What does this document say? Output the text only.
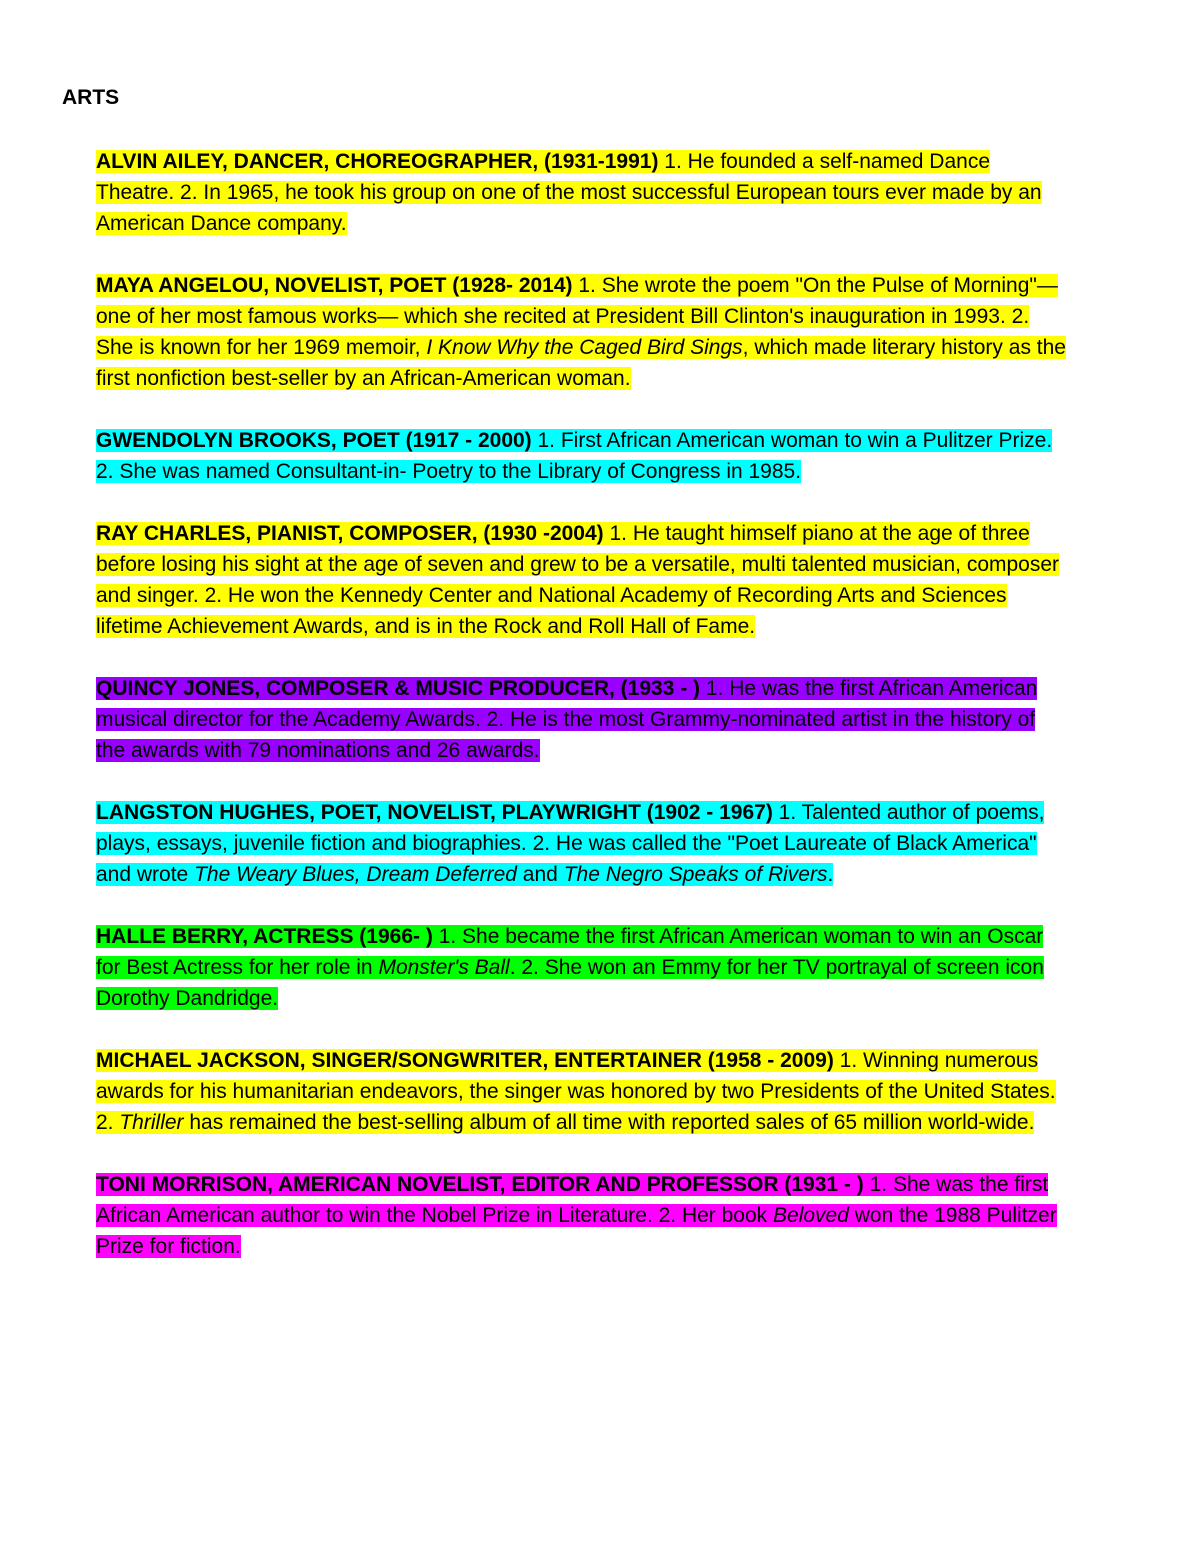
ARTS

ALVIN AILEY, DANCER, CHOREOGRAPHER, (1931-1991) 1. He founded a self-named Dance Theatre. 2. In 1965, he took his group on one of the most successful European tours ever made by an American Dance company.

MAYA ANGELOU, NOVELIST, POET (1928- 2014) 1. She wrote the poem "On the Pulse of Morning"—one of her most famous works— which she recited at President Bill Clinton's inauguration in 1993. 2. She is known for her 1969 memoir, I Know Why the Caged Bird Sings, which made literary history as the first nonfiction best-seller by an African-American woman.

GWENDOLYN BROOKS, POET (1917 - 2000) 1. First African American woman to win a Pulitzer Prize. 2. She was named Consultant-in- Poetry to the Library of Congress in 1985.

RAY CHARLES, PIANIST, COMPOSER, (1930 -2004) 1. He taught himself piano at the age of three before losing his sight at the age of seven and grew to be a versatile, multi talented musician, composer and singer. 2. He won the Kennedy Center and National Academy of Recording Arts and Sciences lifetime Achievement Awards, and is in the Rock and Roll Hall of Fame.

QUINCY JONES, COMPOSER & MUSIC PRODUCER, (1933 - ) 1. He was the first African American musical director for the Academy Awards. 2. He is the most Grammy-nominated artist in the history of the awards with 79 nominations and 26 awards.

LANGSTON HUGHES, POET, NOVELIST, PLAYWRIGHT (1902 - 1967) 1. Talented author of poems, plays, essays, juvenile fiction and biographies. 2. He was called the "Poet Laureate of Black America" and wrote The Weary Blues, Dream Deferred and The Negro Speaks of Rivers.

HALLE BERRY, ACTRESS (1966- ) 1. She became the first African American woman to win an Oscar for Best Actress for her role in Monster's Ball. 2. She won an Emmy for her TV portrayal of screen icon Dorothy Dandridge.

MICHAEL JACKSON, SINGER/SONGWRITER, ENTERTAINER (1958 - 2009) 1. Winning numerous awards for his humanitarian endeavors, the singer was honored by two Presidents of the United States. 2. Thriller has remained the best-selling album of all time with reported sales of 65 million world-wide.

TONI MORRISON, AMERICAN NOVELIST, EDITOR AND PROFESSOR (1931 - ) 1. She was the first African American author to win the Nobel Prize in Literature. 2. Her book Beloved won the 1988 Pulitzer Prize for fiction.
